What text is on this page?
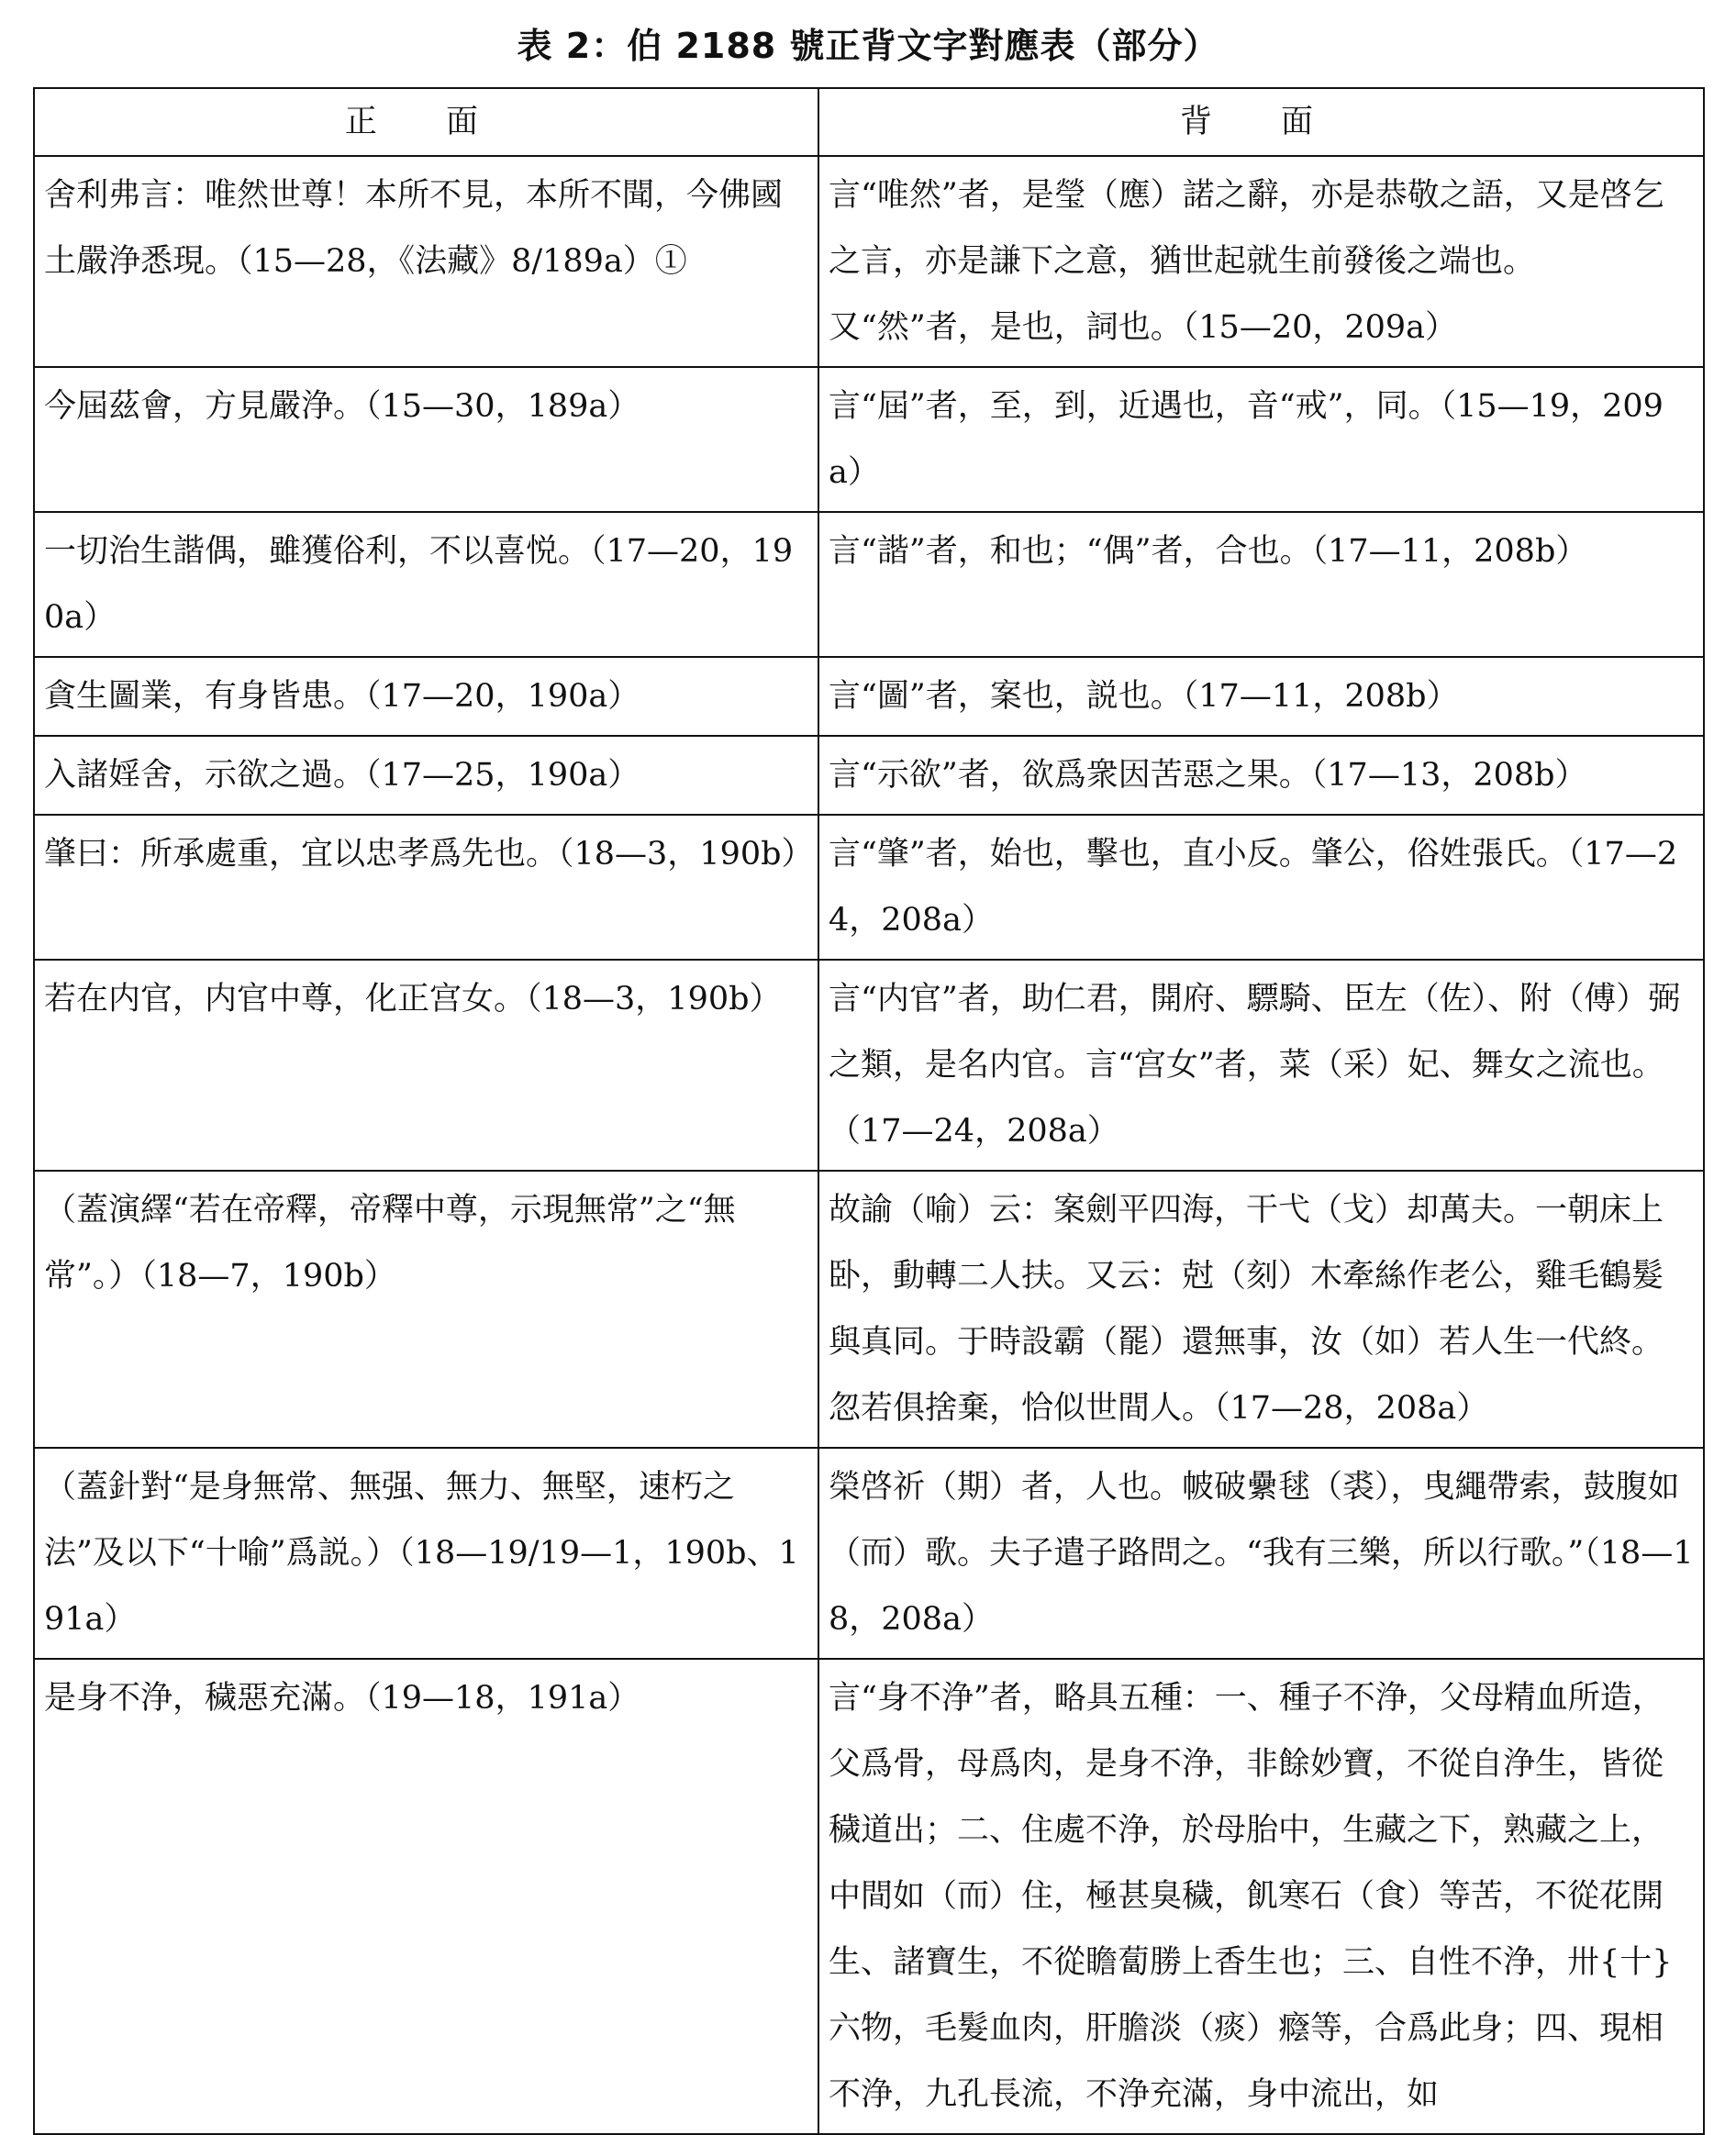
表 2：伯 2188 號正背文字對應表（部分）
正 面	背 面
舍利弗言：唯然世尊！本所不見，本所不聞，今佛國土嚴浄悉現。（15—28，《法藏》8/189a）①	言“唯然”者，是瑩（應）諾之辭，亦是恭敬之語，又是啓乞之言，亦是謙下之意，猶世起就生前發後之端也。又“然”者，是也，詞也。（15—20，209a）
今屆茲會，方見嚴浄。（15—30，189a）	言“屆”者，至，到，近遇也，音“戒”，同。（15—19，209a）
一切治生諧偶，雖獲俗利，不以喜悦。（17—20，190a）	言“諧”者，和也；“偶”者，合也。（17—11，208b）
貪生圖業，有身皆患。（17—20，190a）	言“圖”者，案也，説也。（17—11，208b）
入諸婬舍，示欲之過。（17—25，190a）	言“示欲”者，欲爲衆因苦惡之果。（17—13，208b）
肇曰：所承處重，宜以忠孝爲先也。（18—3，190b）	言“肇”者，始也，擊也，直小反。肇公，俗姓張氏。（17—24，208a）
若在内官，内官中尊，化正宫女。（18—3，190b）	言“内官”者，助仁君，開府、驃騎、臣左（佐）、附（傅）弼之類，是名内官。言“宫女”者，菜（采）妃、舞女之流也。（17—24，208a）
（蓋演繹“若在帝釋，帝釋中尊，示現無常”之“無常”。）（18—7，190b）	故諭（喻）云：案劍平四海，干弋（戈）却萬夫。一朝床上卧，動轉二人扶。又云：尅（刻）木牽絲作老公，雞毛鶴髮與真同。于時設霸（罷）還無事，汝（如）若人生一代終。忽若俱捨棄，恰似世間人。（17—28，208a）
（蓋針對“是身無常、無强、無力、無堅，速朽之法”及以下“十喻”爲説。）（18—19/19—1，190b、191a）	榮啓祈（期）者，人也。帔破纍毬（裘），曳繩帶索，鼓腹如（而）歌。夫子遣子路問之。“我有三樂，所以行歌。”（18—18，208a）
是身不浄，穢惡充滿。（19—18，191a）	言“身不浄”者，略具五種：一、種子不浄，父母精血所造，父爲骨，母爲肉，是身不浄，非餘妙寶，不從自浄生，皆從穢道出；二、住處不浄，於母胎中，生藏之下，熟藏之上，中間如（而）住，極甚臭穢，飢寒石（食）等苦，不從花開生、諸寶生，不從瞻蔔勝上香生也；三、自性不浄，卅{十}六物，毛髮血肉，肝膽淡（痰）癊等，合爲此身；四、現相不浄，九孔長流，不浄充滿，身中流出，如
